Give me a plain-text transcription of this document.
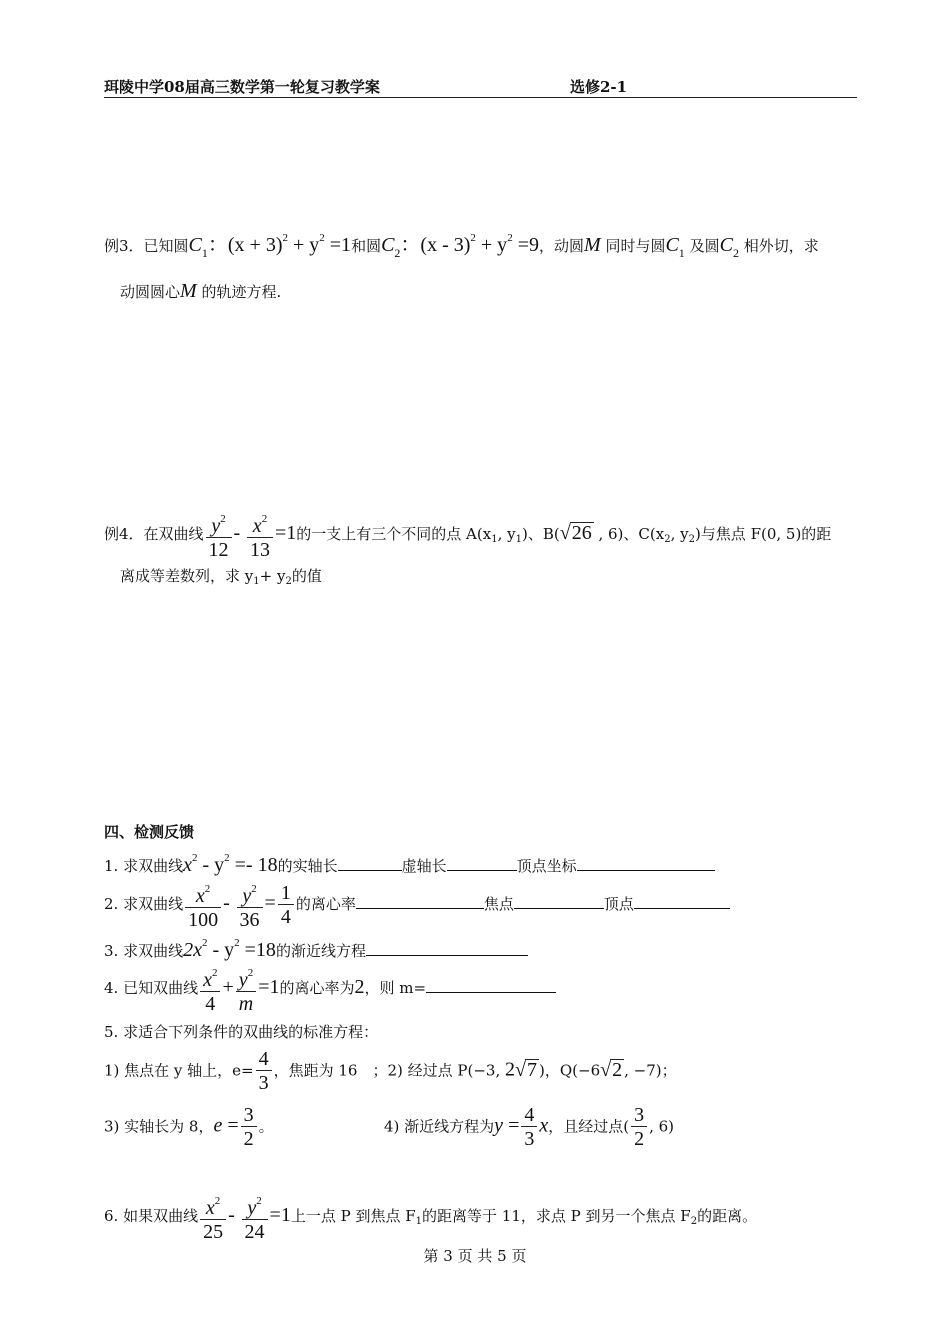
珥陵中学08届高三数学第一轮复习教学案	选修2-1
例3．已知圆$C_1$：$(x + 3)^2 + y^2 =1$和圆$C_2$：$(x - 3)^2 + y^2 =9$，动圆M 同时与圆$C_1$ 及圆$C_2$ 相外切，求
动圆圆心M 的轨迹方程.
例4．在双曲线 $\frac{y^2}{12} - \frac{x^2}{13} =1$的一支上有三个不同的点 $A(x_1$, $y_1$)、B(√26 , 6)、$C(x_2$, $y_2$)与焦点 F(0, 5)的距
离成等差数列，求 $y_1+ y_2$的值
四、检测反馈
1. 求双曲线$x^2 - y^2 =- 18$的实轴长	虚轴长	顶点坐标
2. 求双曲线 $\frac{x^2}{100} - \frac{y^2}{36} = \frac{1}{4}$ 的离心率	焦点	顶点
3. 求双曲线$2x^2 - y^2 =18$的渐近线方程
4. 已知双曲线 $\frac{x^2}{4} + \frac{y^2}{m} =1$的离心率为2，则 m=
5. 求适合下列条件的双曲线的标准方程：
1) 焦点在 y 轴上，$e= \frac{4}{3}$ ，焦距为 16　；2) 经过点 P(−3, 2√7 )，Q(−6√2 , −7)；
3) 实轴长为 8，$e = \frac{3}{2}$ 。	4) 渐近线方程为$y = \frac{4}{3}$ x，且经过点( $\frac{3}{2}$ , 6)
6. 如果双曲线 $\frac{x^2}{25} - \frac{y^2}{24} =1$上一点 P 到焦点 $F_1$的距离等于 11，求点 P 到另一个焦点 $F_2$的距离。
第 3 页 共 5 页
